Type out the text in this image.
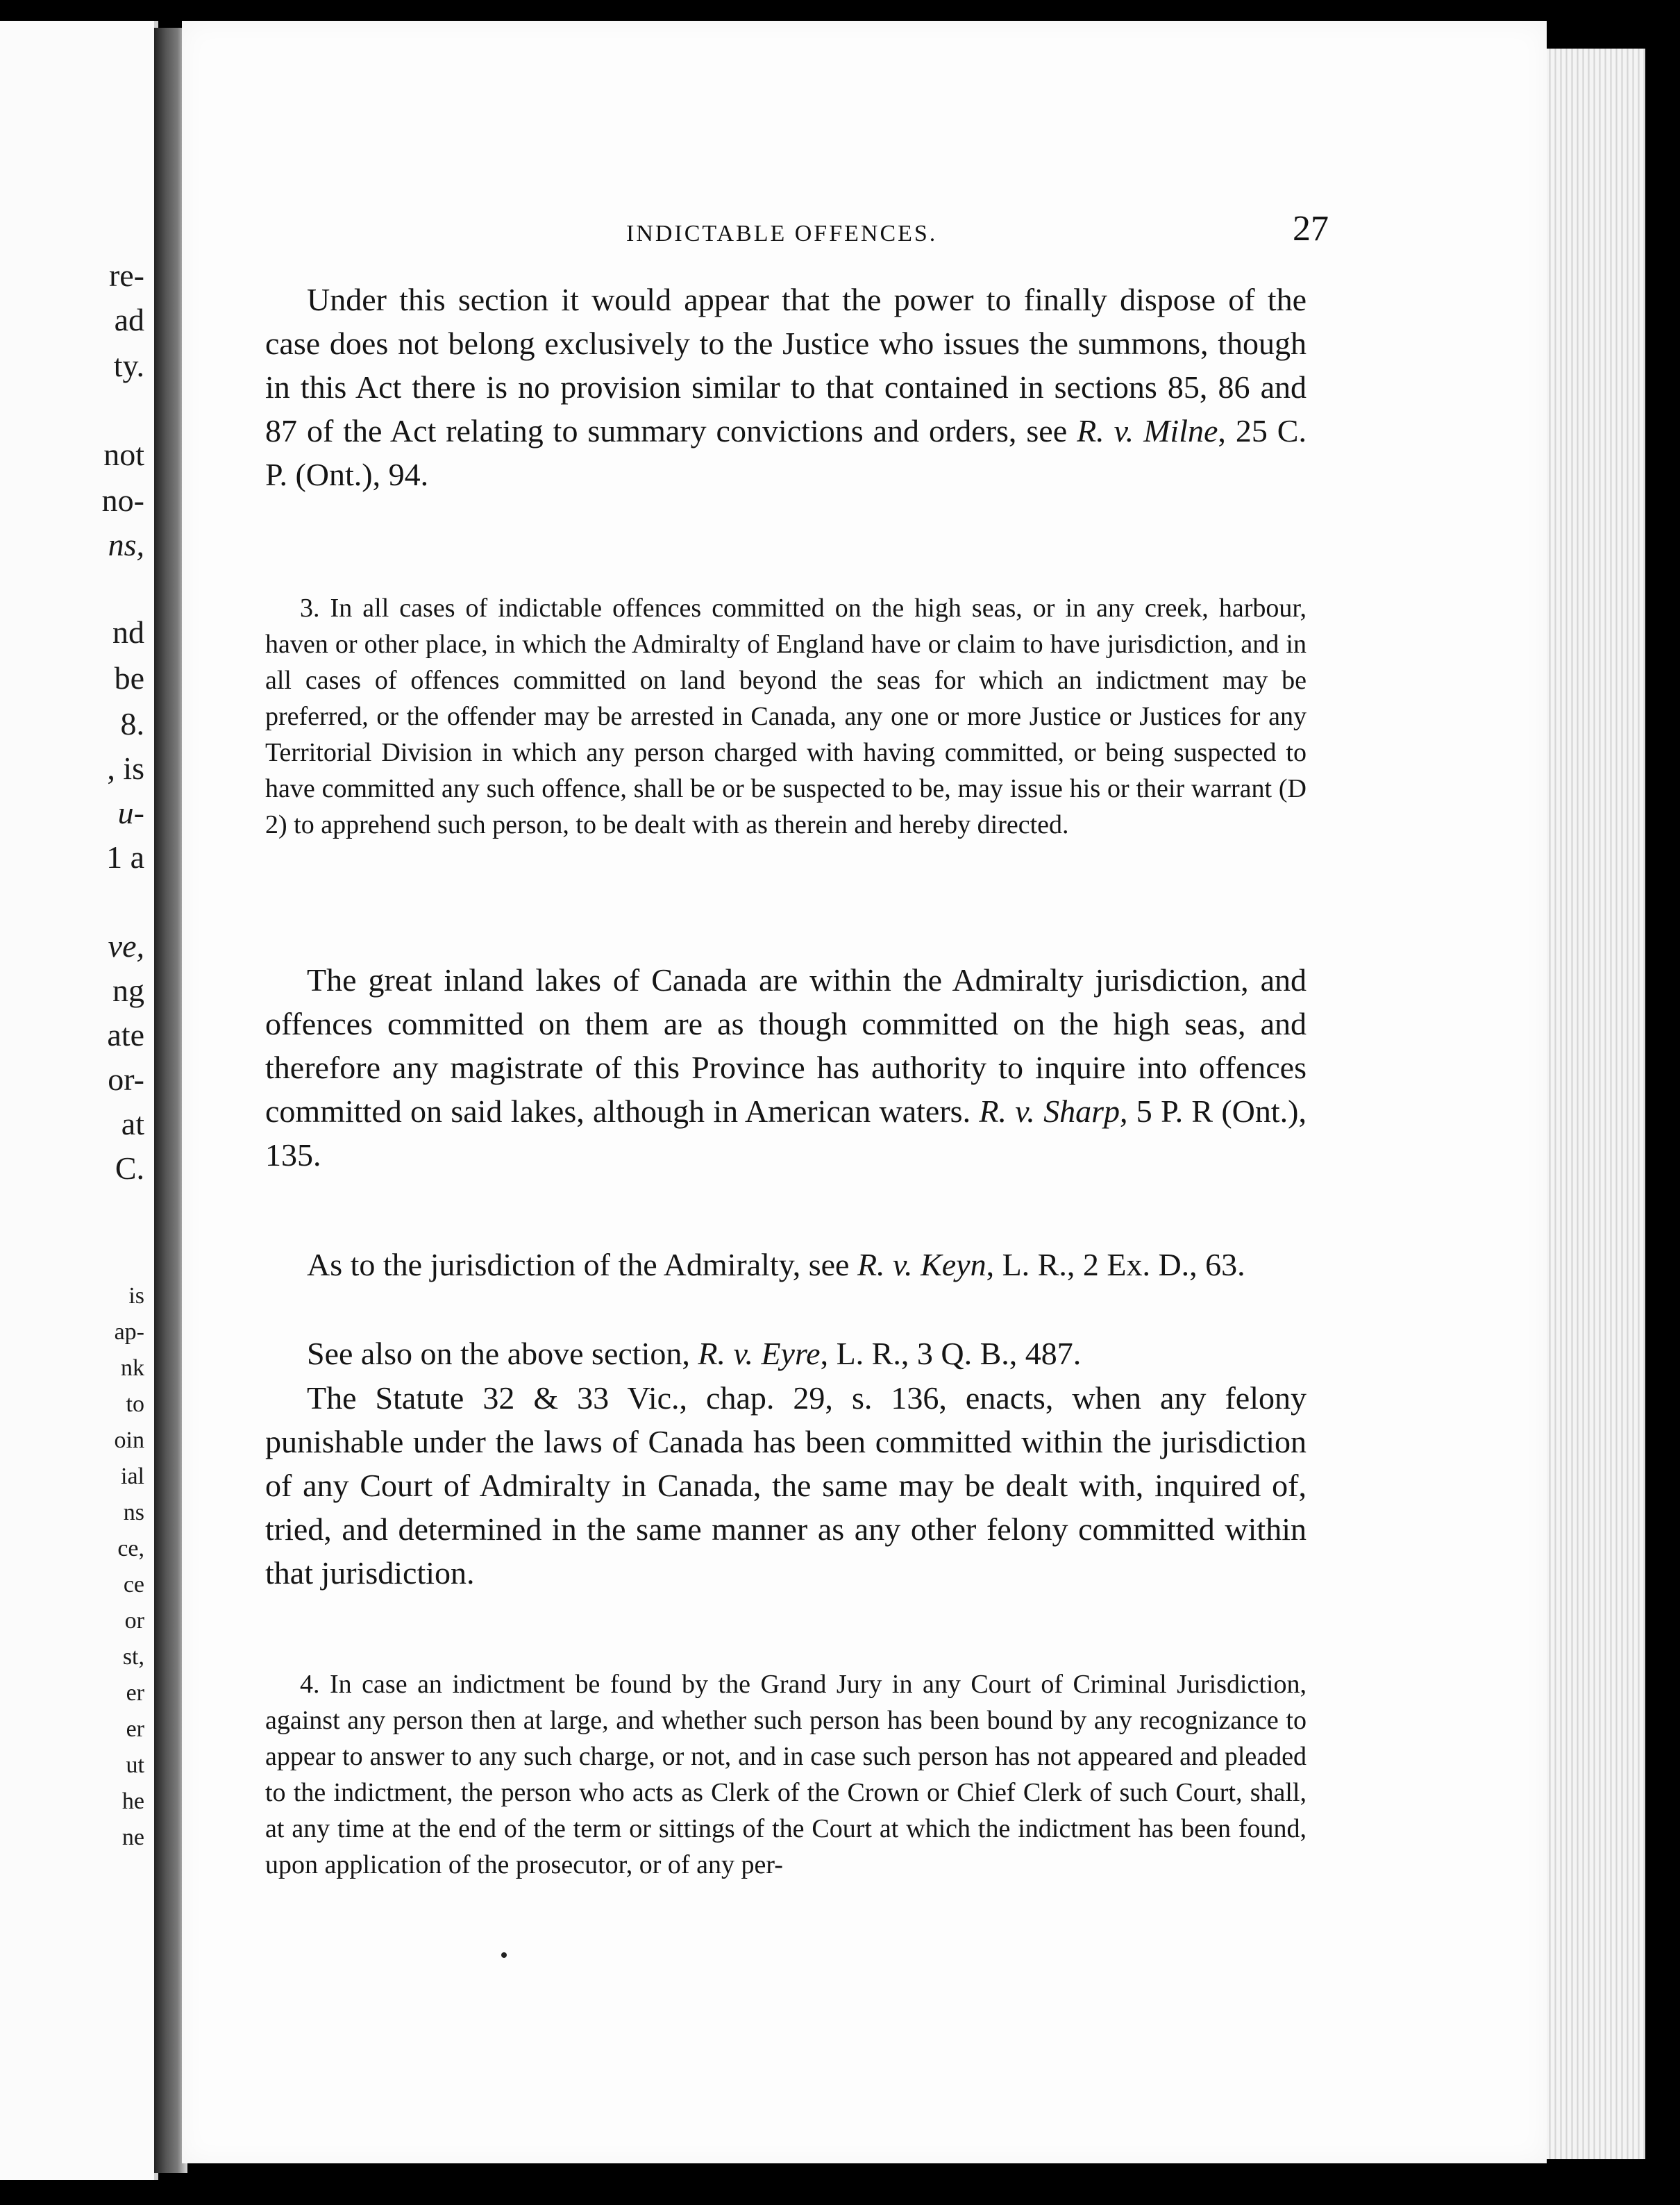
re-
ad
ty.
not
no-
ns,
nd
be
8.
, is
u-
1 a
ve,
ng
ate
or-
at
C.
is
ap-
nk
to
oin
ial
ns
ce,
ce
or
st,
er
er
ut
he
ne
INDICTABLE OFFENCES.	27

Under this section it would appear that the power to finally dispose of the case does not belong exclusively to the Justice who issues the summons, though in this Act there is no provision similar to that contained in sections 85, 86 and 87 of the Act relating to summary convictions and orders, see R. v. Milne, 25 C. P. (Ont.), 94.

3. In all cases of indictable offences committed on the high seas, or in any creek, harbour, haven or other place, in which the Admiralty of England have or claim to have jurisdiction, and in all cases of offences committed on land beyond the seas for which an indictment may be preferred, or the offender may be arrested in Canada, any one or more Justice or Justices for any Territorial Division in which any person charged with having committed, or being suspected to have committed any such offence, shall be or be suspected to be, may issue his or their warrant (D 2) to apprehend such person, to be dealt with as therein and hereby directed.

The great inland lakes of Canada are within the Admiralty jurisdiction, and offences committed on them are as though committed on the high seas, and therefore any magistrate of this Province has authority to inquire into offences committed on said lakes, although in American waters. R. v. Sharp, 5 P. R (Ont.), 135.

As to the jurisdiction of the Admiralty, see R. v. Keyn, L. R., 2 Ex. D., 63.

See also on the above section, R. v. Eyre, L. R., 3 Q. B., 487.

The Statute 32 & 33 Vic., chap. 29, s. 136, enacts, when any felony punishable under the laws of Canada has been committed within the jurisdiction of any Court of Admiralty in Canada, the same may be dealt with, inquired of, tried, and determined in the same manner as any other felony committed within that jurisdiction.

4. In case an indictment be found by the Grand Jury in any Court of Criminal Jurisdiction, against any person then at large, and whether such person has been bound by any recognizance to appear to answer to any such charge, or not, and in case such person has not appeared and pleaded to the indictment, the person who acts as Clerk of the Crown or Chief Clerk of such Court, shall, at any time at the end of the term or sittings of the Court at which the indictment has been found, upon application of the prosecutor, or of any per-
